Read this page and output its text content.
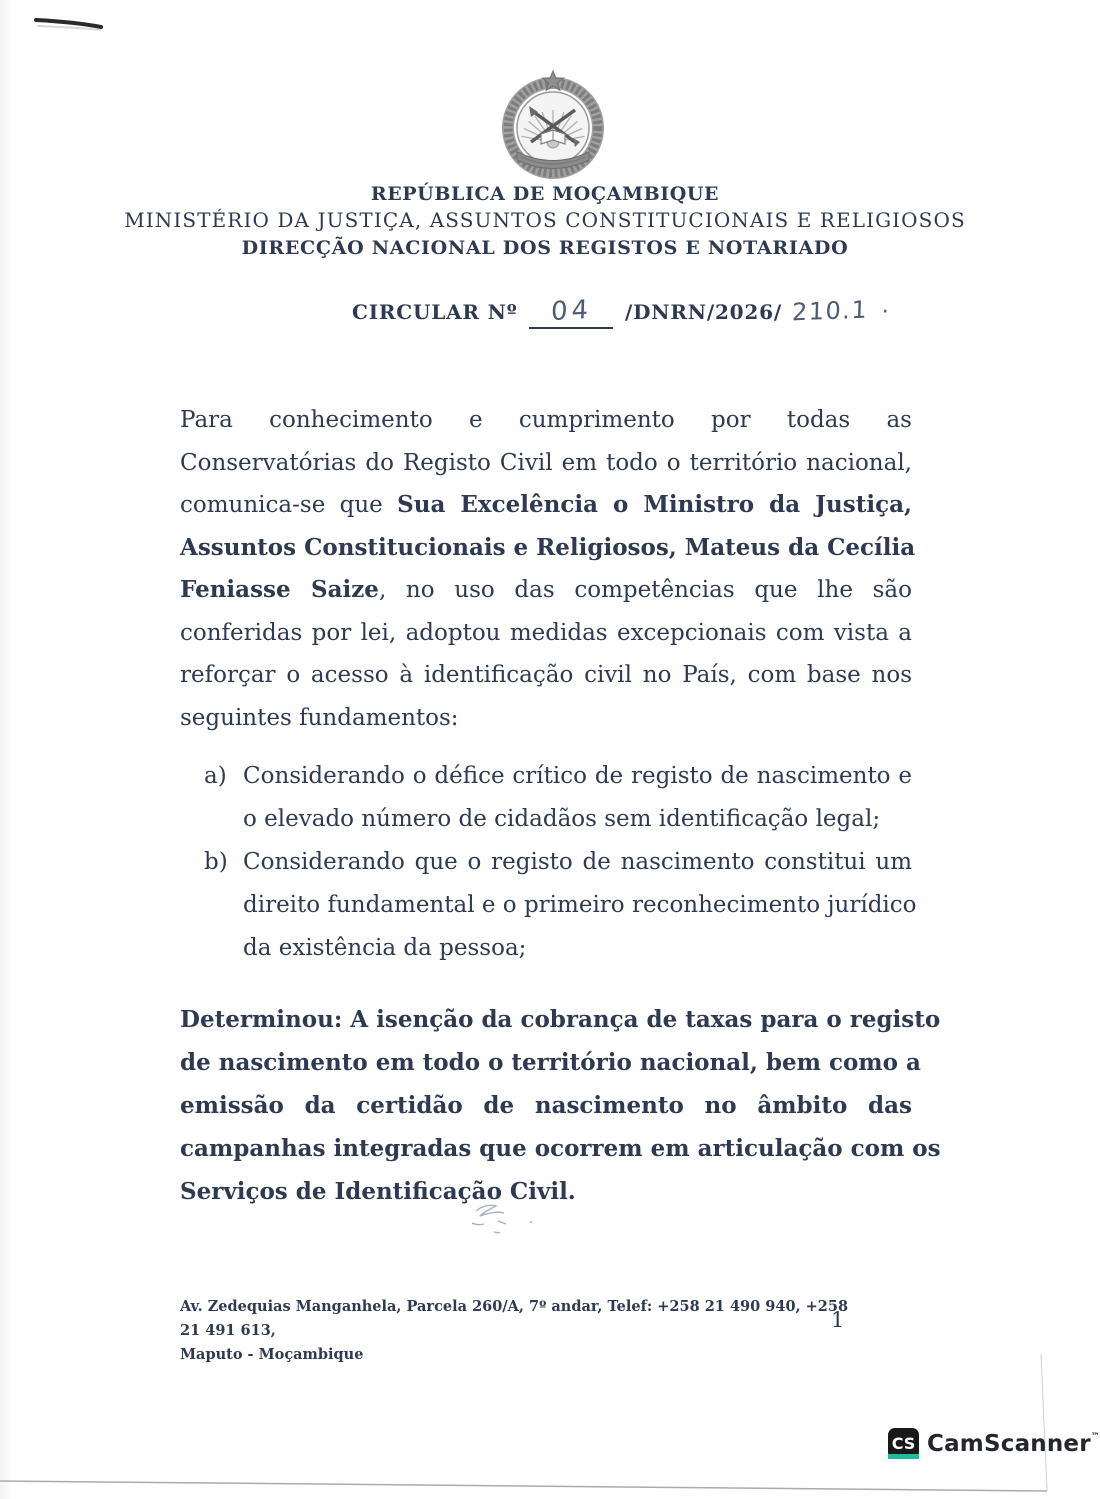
REPÚBLICA DE MOÇAMBIQUE
MINISTÉRIO DA JUSTIÇA, ASSUNTOS CONSTITUCIONAIS E RELIGIOSOS
DIRECÇÃO NACIONAL DOS REGISTOS E NOTARIADO
CIRCULAR Nº 04 /DNRN/2026/ 210.1 ·
Para conhecimento e cumprimento por todas as
Conservatórias do Registo Civil em todo o território nacional,
comunica-se que Sua Excelência o Ministro da Justiça,
Assuntos Constitucionais e Religiosos, Mateus da Cecília
Feniasse Saize, no uso das competências que lhe são
conferidas por lei, adoptou medidas excepcionais com vista a
reforçar o acesso à identificação civil no País, com base nos
seguintes fundamentos:
a) Considerando o défice crítico de registo de nascimento e
o elevado número de cidadãos sem identificação legal;
b) Considerando que o registo de nascimento constitui um
direito fundamental e o primeiro reconhecimento jurídico
da existência da pessoa;
Determinou: A isenção da cobrança de taxas para o registo
de nascimento em todo o território nacional, bem como a
emissão da certidão de nascimento no âmbito das
campanhas integradas que ocorrem em articulação com os
Serviços de Identificação Civil.
Av. Zedequias Manganhela, Parcela 260/A, 7º andar, Telef: +258 21 490 940, +258 21 491 613,
Maputo - Moçambique
1
CS CamScanner™
